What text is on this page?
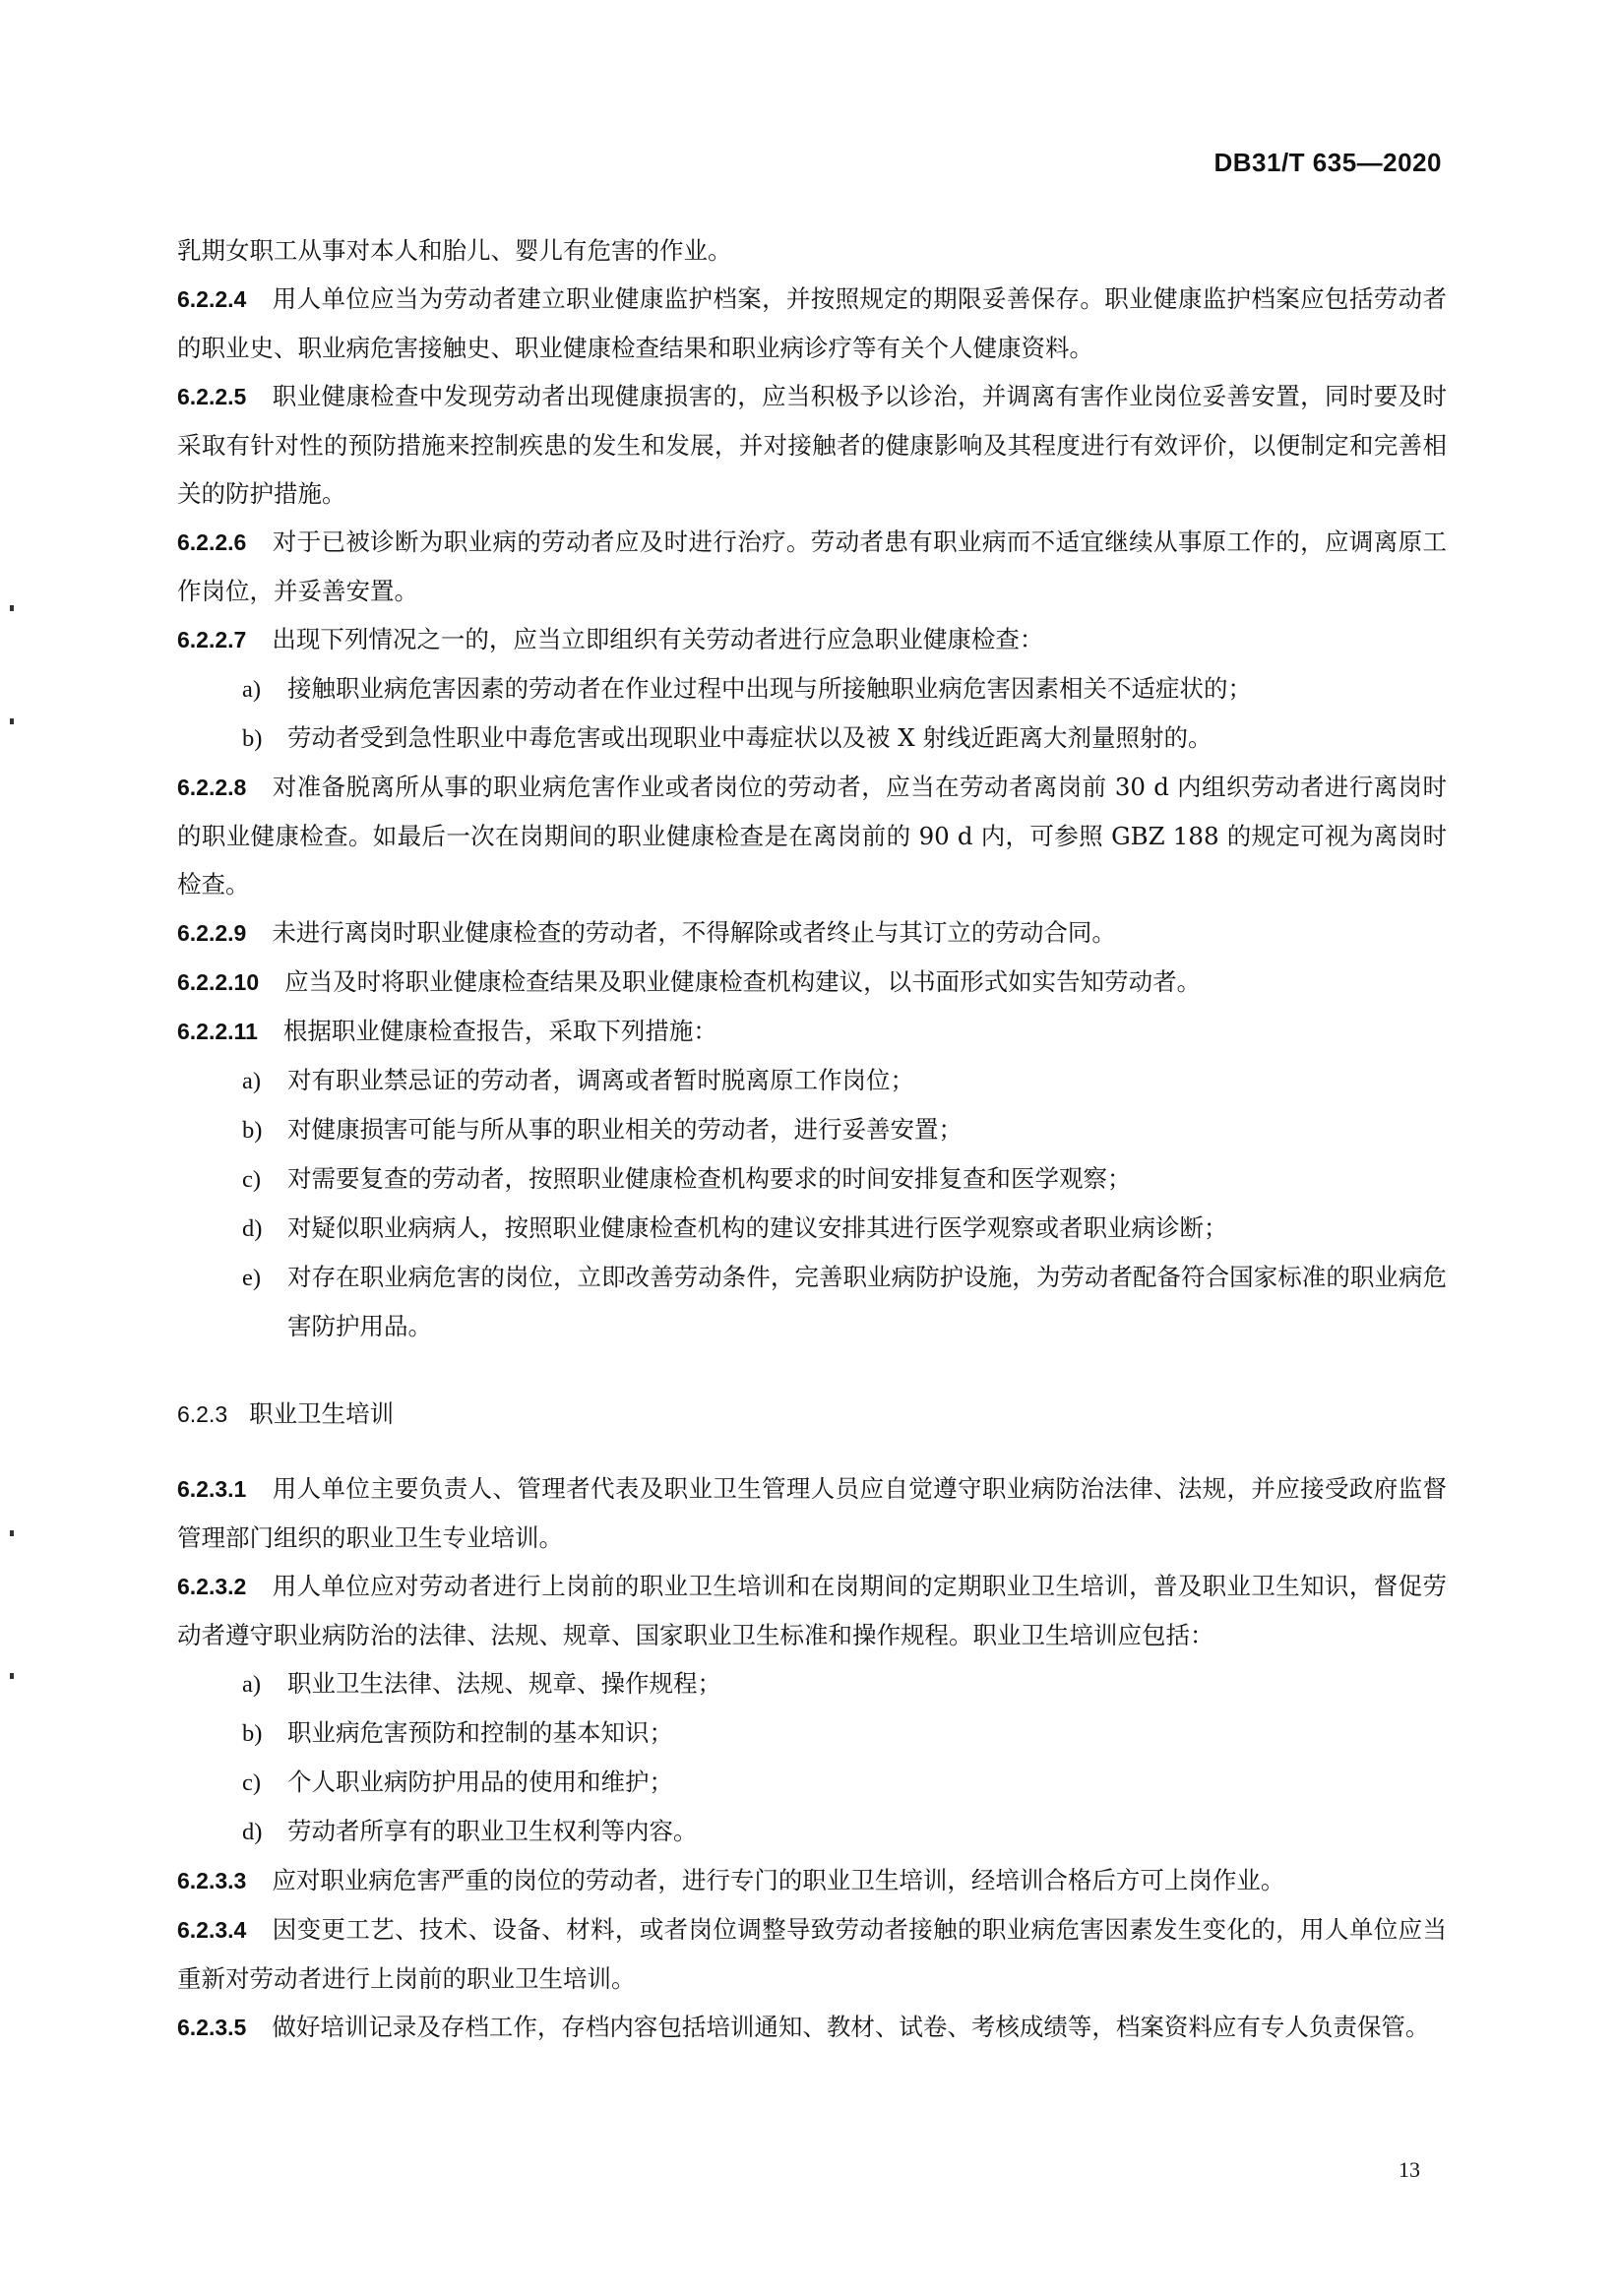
DB31/T 635—2020

乳期女职工从事对本人和胎儿、婴儿有危害的作业。

6.2.2.4 用人单位应当为劳动者建立职业健康监护档案，并按照规定的期限妥善保存。职业健康监护档案应包括劳动者的职业史、职业病危害接触史、职业健康检查结果和职业病诊疗等有关个人健康资料。

6.2.2.5 职业健康检查中发现劳动者出现健康损害的，应当积极予以诊治，并调离有害作业岗位妥善安置，同时要及时采取有针对性的预防措施来控制疾患的发生和发展，并对接触者的健康影响及其程度进行有效评价，以便制定和完善相关的防护措施。

6.2.2.6 对于已被诊断为职业病的劳动者应及时进行治疗。劳动者患有职业病而不适宜继续从事原工作的，应调离原工作岗位，并妥善安置。

6.2.2.7 出现下列情况之一的，应当立即组织有关劳动者进行应急职业健康检查：

a) 接触职业病危害因素的劳动者在作业过程中出现与所接触职业病危害因素相关不适症状的；

b) 劳动者受到急性职业中毒危害或出现职业中毒症状以及被 X 射线近距离大剂量照射的。

6.2.2.8 对准备脱离所从事的职业病危害作业或者岗位的劳动者，应当在劳动者离岗前 30 d 内组织劳动者进行离岗时的职业健康检查。如最后一次在岗期间的职业健康检查是在离岗前的 90 d 内，可参照 GBZ 188 的规定可视为离岗时检查。

6.2.2.9 未进行离岗时职业健康检查的劳动者，不得解除或者终止与其订立的劳动合同。

6.2.2.10 应当及时将职业健康检查结果及职业健康检查机构建议，以书面形式如实告知劳动者。

6.2.2.11 根据职业健康检查报告，采取下列措施：

a) 对有职业禁忌证的劳动者，调离或者暂时脱离原工作岗位；

b) 对健康损害可能与所从事的职业相关的劳动者，进行妥善安置；

c) 对需要复查的劳动者，按照职业健康检查机构要求的时间安排复查和医学观察；

d) 对疑似职业病病人，按照职业健康检查机构的建议安排其进行医学观察或者职业病诊断；

e) 对存在职业病危害的岗位，立即改善劳动条件，完善职业病防护设施，为劳动者配备符合国家标准的职业病危害防护用品。

6.2.3 职业卫生培训

6.2.3.1 用人单位主要负责人、管理者代表及职业卫生管理人员应自觉遵守职业病防治法律、法规，并应接受政府监督管理部门组织的职业卫生专业培训。

6.2.3.2 用人单位应对劳动者进行上岗前的职业卫生培训和在岗期间的定期职业卫生培训，普及职业卫生知识，督促劳动者遵守职业病防治的法律、法规、规章、国家职业卫生标准和操作规程。职业卫生培训应包括：

a) 职业卫生法律、法规、规章、操作规程；

b) 职业病危害预防和控制的基本知识；

c) 个人职业病防护用品的使用和维护；

d) 劳动者所享有的职业卫生权利等内容。

6.2.3.3 应对职业病危害严重的岗位的劳动者，进行专门的职业卫生培训，经培训合格后方可上岗作业。

6.2.3.4 因变更工艺、技术、设备、材料，或者岗位调整导致劳动者接触的职业病危害因素发生变化的，用人单位应当重新对劳动者进行上岗前的职业卫生培训。

6.2.3.5 做好培训记录及存档工作，存档内容包括培训通知、教材、试卷、考核成绩等，档案资料应有专人负责保管。

13
